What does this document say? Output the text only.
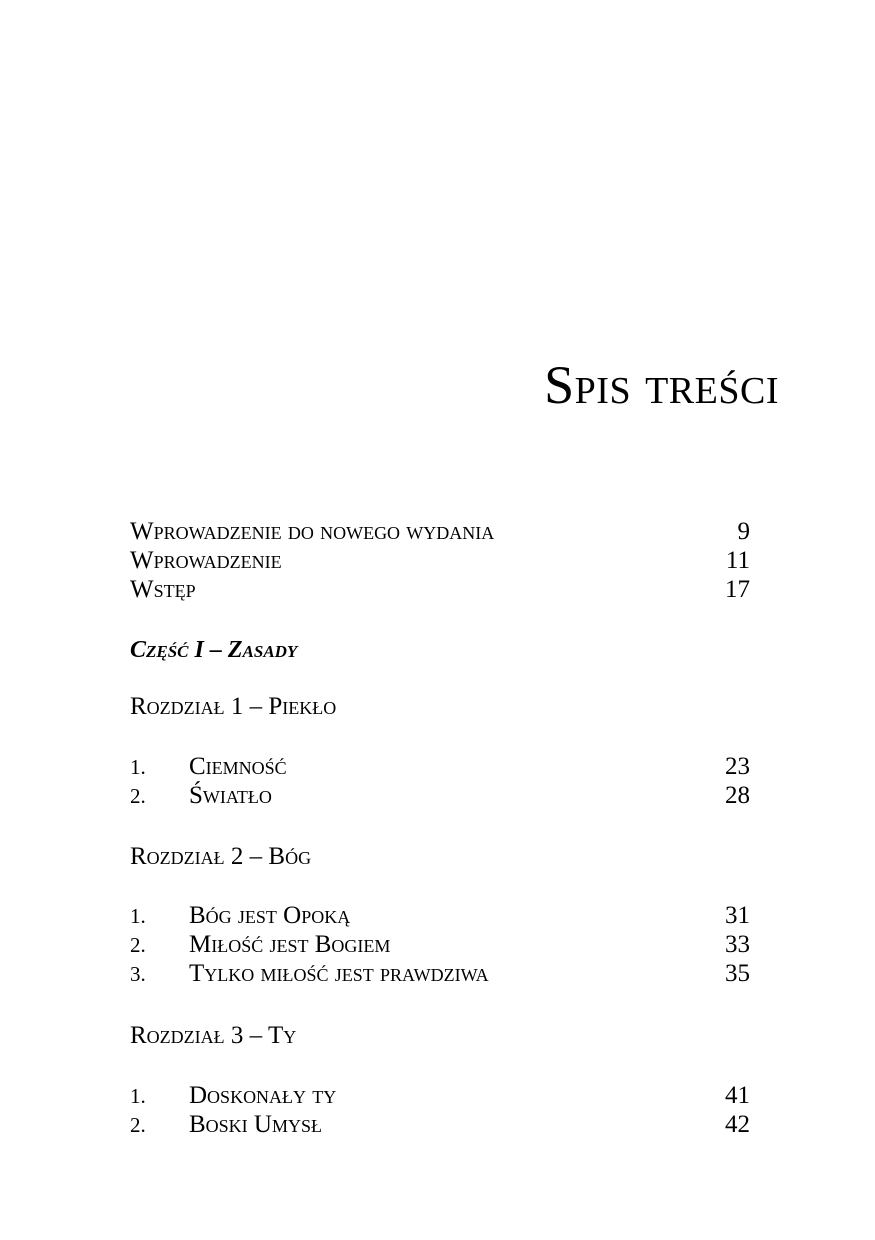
Spis treści
Wprowadzenie do nowego wydania	9
Wprowadzenie	11
Wstęp	17
Część I – Zasady
Rozdział 1 – Piekło
1. Ciemność	23
2. Światło	28
Rozdział 2 – Bóg
1. Bóg jest Opoką	31
2. Miłość jest Bogiem	33
3. Tylko miłość jest prawdziwa	35
Rozdział 3 – Ty
1. Doskonały ty	41
2. Boski Umysł	42
